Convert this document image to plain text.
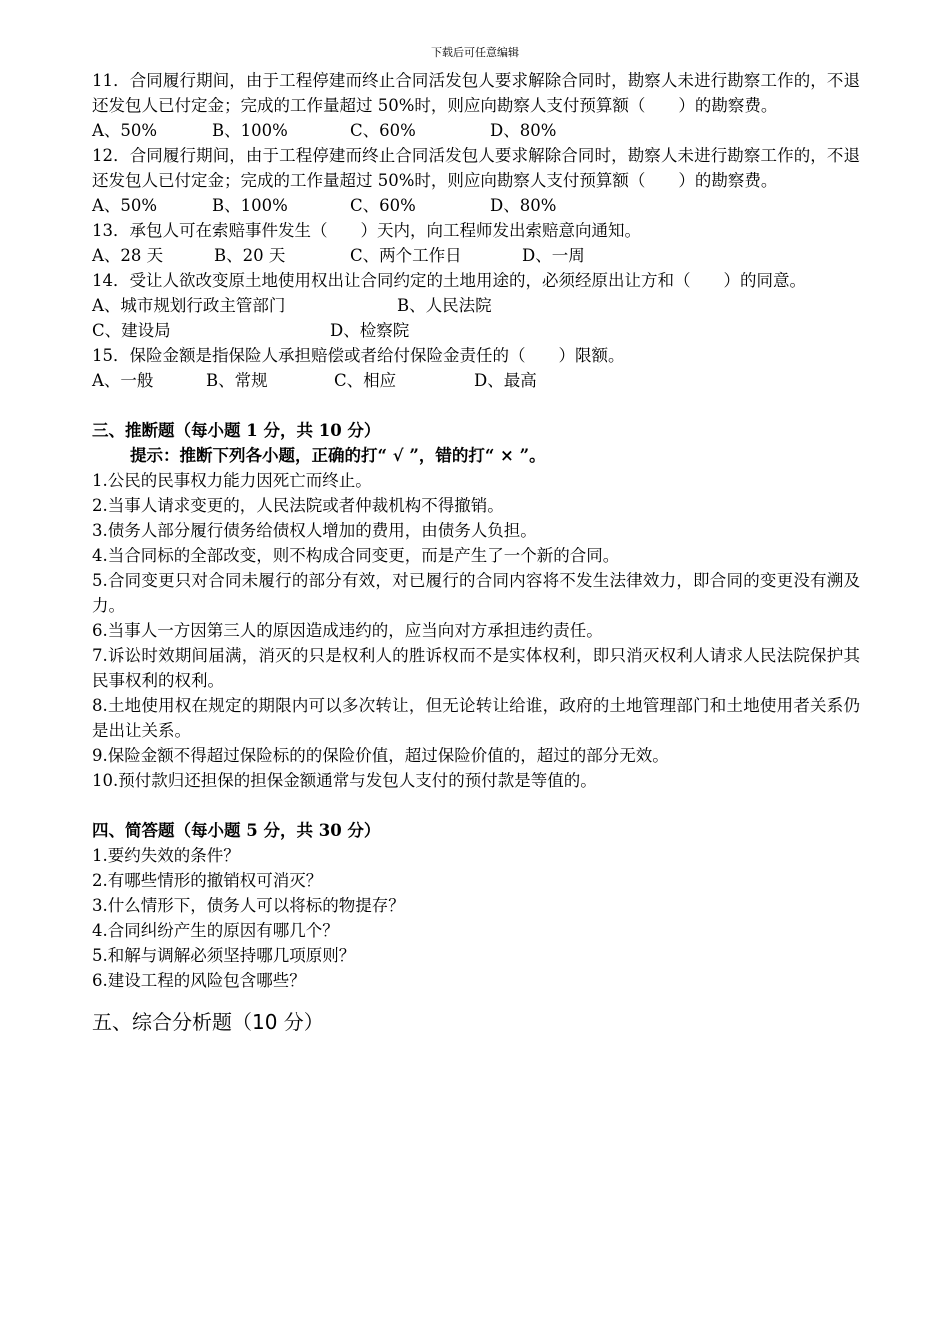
下载后可任意编辑

11．合同履行期间，由于工程停建而终止合同活发包人要求解除合同时，勘察人未进行勘察工作的，不退还发包人已付定金；完成的工作量超过 50%时，则应向勘察人支付预算额（　　）的勘察费。

A、50%	B、100%	C、60%	D、80%

12．合同履行期间，由于工程停建而终止合同活发包人要求解除合同时，勘察人未进行勘察工作的，不退还发包人已付定金；完成的工作量超过 50%时，则应向勘察人支付预算额（　　）的勘察费。

A、50%	B、100%	C、60%	D、80%

13．承包人可在索赔事件发生（　　）天内，向工程师发出索赔意向通知。

A、28 天	B、20 天	C、两个工作日	D、一周

14．受让人欲改变原土地使用权出让合同约定的土地用途的，必须经原出让方和（　　）的同意。

A、城市规划行政主管部门	B、人民法院
C、建设局	D、检察院

15．保险金额是指保险人承担赔偿或者给付保险金责任的（　　）限额。

A、一般	B、常规	C、相应	D、最高

三、推断题（每小题 1 分，共 10 分）

提示：推断下列各小题，正确的打“ √ ”，错的打“ × ”。

1.公民的民事权力能力因死亡而终止。

2.当事人请求变更的，人民法院或者仲裁机构不得撤销。

3.债务人部分履行债务给债权人增加的费用，由债务人负担。

4.当合同标的全部改变，则不构成合同变更，而是产生了一个新的合同。

5.合同变更只对合同未履行的部分有效，对已履行的合同内容将不发生法律效力，即合同的变更没有溯及力。

6.当事人一方因第三人的原因造成违约的，应当向对方承担违约责任。

7.诉讼时效期间届满，消灭的只是权利人的胜诉权而不是实体权利，即只消灭权利人请求人民法院保护其民事权利的权利。

8.土地使用权在规定的期限内可以多次转让，但无论转让给谁，政府的土地管理部门和土地使用者关系仍是出让关系。

9.保险金额不得超过保险标的的保险价值，超过保险价值的，超过的部分无效。

10.预付款归还担保的担保金额通常与发包人支付的预付款是等值的。

四、简答题（每小题 5 分，共 30 分）

1.要约失效的条件？

2.有哪些情形的撤销权可消灭？

3.什么情形下，债务人可以将标的物提存？

4.合同纠纷产生的原因有哪几个？

5.和解与调解必须坚持哪几项原则？

6.建设工程的风险包含哪些？

五、综合分析题（10 分）
